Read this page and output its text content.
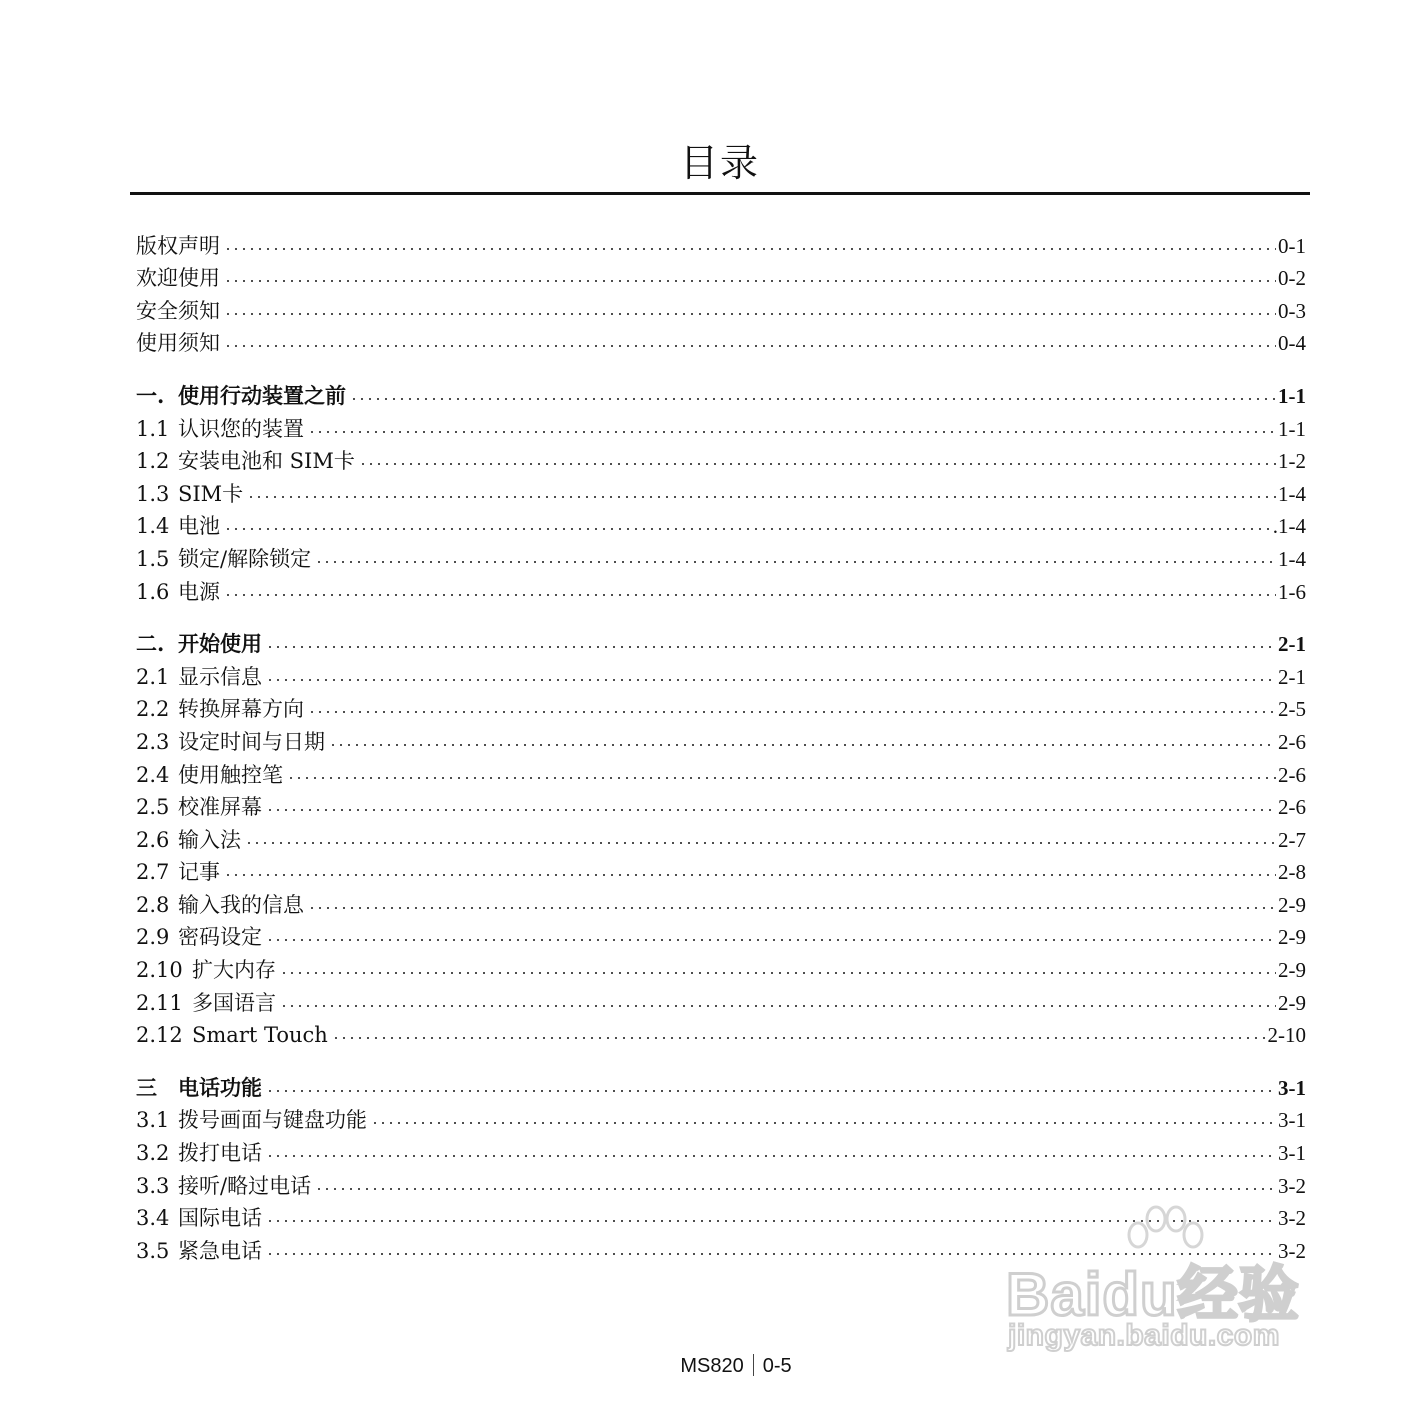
目录
版权声明	0-1
欢迎使用	0-2
安全须知	0-3
使用须知	0-4
一. 使用行动装置之前	1-1
1.1 认识您的装置	1-1
1.2 安装电池和 SIM卡	1-2
1.3 SIM卡	1-4
1.4 电池	.1-4
1.5 锁定/解除锁定	1-4
1.6 电源	1-6
二. 开始使用	2-1
2.1 显示信息	2-1
2.2 转换屏幕方向	2-5
2.3 设定时间与日期	2-6
2.4 使用触控笔	2-6
2.5 校准屏幕	2-6
2.6 输入法	2-7
2.7 记事	2-8
2.8 输入我的信息	2-9
2.9 密码设定	2-9
2.10 扩大内存	2-9
2.11 多国语言	2-9
2.12 Smart Touch	2-10
三	电话功能	3-1
3.1 拨号画面与键盘功能	3-1
3.2 拨打电话	3-1
3.3 接听/略过电话	3-2
3.4 国际电话	3-2
3.5 紧急电话	3-2
MS820 0-5
Baidu经验
jingyan.baidu.com
